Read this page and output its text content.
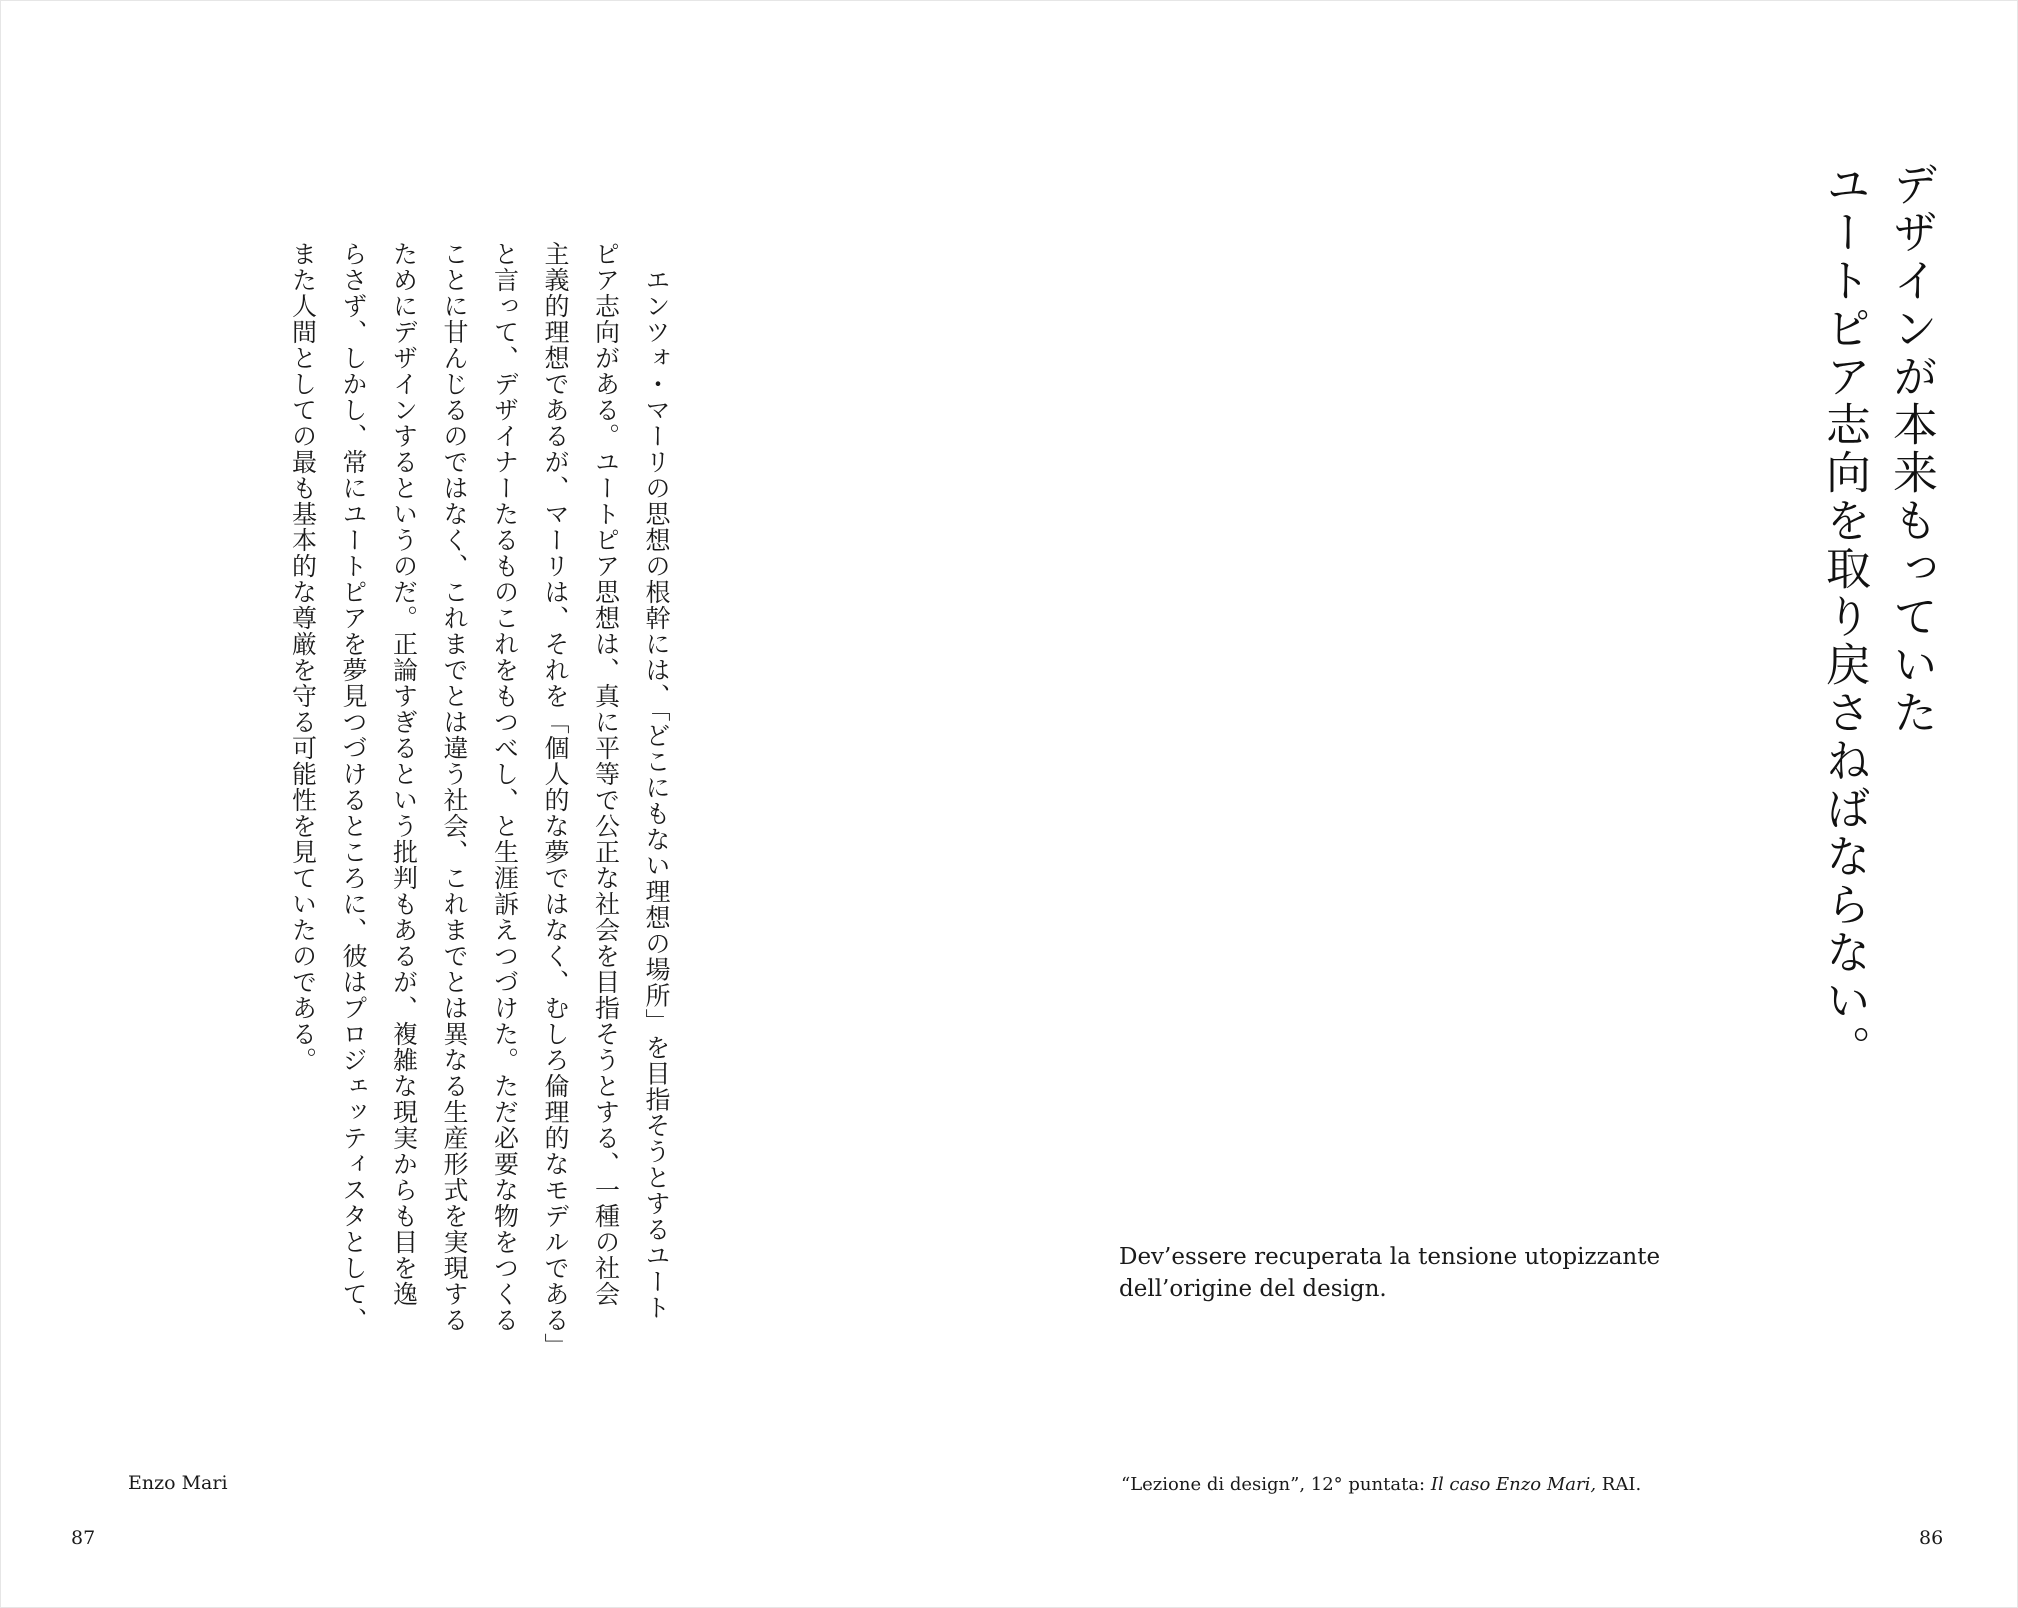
デザインが本来もっていた
ユートピア志向を取り戻さねばならない。
Dev’essere recuperata la tensione utopizzante
dell’origine del design.
“Lezione di design”, 12° puntata: Il caso Enzo Mari, RAI.
86
エンツォ・マーリの思想の根幹には、「どこにもない理想の場所」を目指そうとするユート
ピア志向がある。ユートピア思想は、真に平等で公正な社会を目指そうとする、一種の社会
主義的理想であるが、マーリは、それを「個人的な夢ではなく、むしろ倫理的なモデルである」
と言って、デザイナーたるものこれをもつべし、と生涯訴えつづけた。ただ必要な物をつくる
ことに甘んじるのではなく、これまでとは違う社会、これまでとは異なる生産形式を実現する
ためにデザインするというのだ。正論すぎるという批判もあるが、複雑な現実からも目を逸
らさず、しかし、常にユートピアを夢見つづけるところに、彼はプロジェッティスタとして、
また人間としての最も基本的な尊厳を守る可能性を見ていたのである。
Enzo Mari
87
